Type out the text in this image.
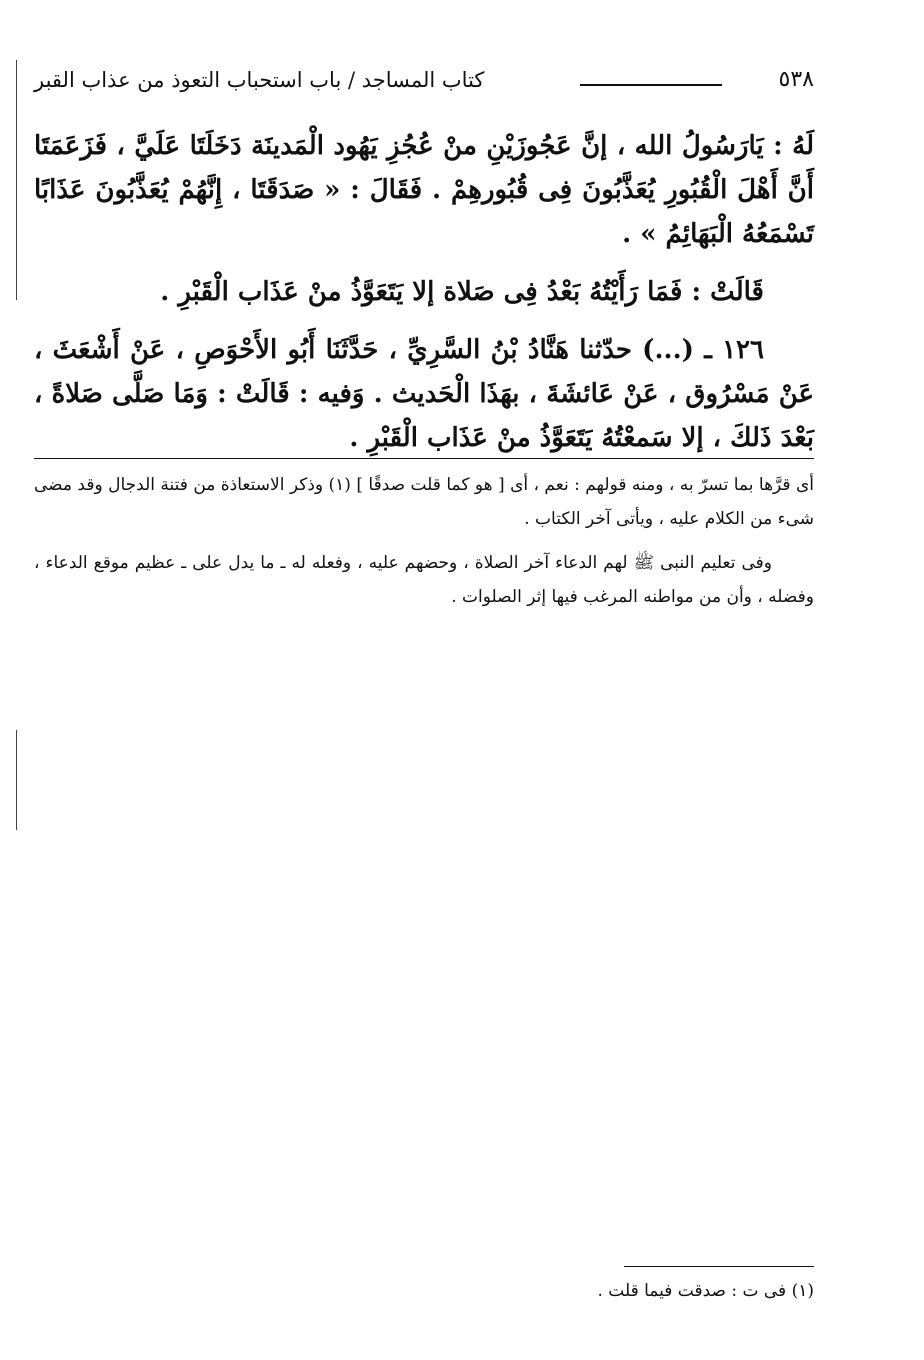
٥٣٨
كتاب المساجد / باب استحباب التعوذ من عذاب القبر

لَهُ : يَارَسُولُ الله ، إنَّ عَجُوزَيْنِ منْ عُجُزِ يَهُود الْمَدينَة دَخَلَتَا عَلَيَّ ، فَزَعَمَتَا أَنَّ أَهْلَ الْقُبُورِ يُعَذَّبُونَ فِى قُبُورهِمْ . فَقَالَ : « صَدَقَتَا ، إِنَّهُمْ يُعَذَّبُونَ عَذَابًا تَسْمَعُهُ الْبَهَائِمُ » .

قَالَتْ : فَمَا رَأَيْتُهُ بَعْدُ فِى صَلاة إلا يَتَعَوَّذُ منْ عَذَاب الْقَبْرِ .

١٢٦ ـ (...) حدّثنا هَنَّادُ بْنُ السَّرِيِّ ، حَدَّثَنَا أَبُو الأَحْوَصِ ، عَنْ أَشْعَثَ ، عَنْ مَسْرُوق ، عَنْ عَائشَةَ ، بهَذَا الْحَديث . وَفيه : قَالَتْ : وَمَا صَلَّى صَلاةً ، بَعْدَ ذَلكَ ، إلا سَمعْتُهُ يَتَعَوَّذُ منْ عَذَاب الْقَبْرِ .

أى قرَّها بما تسرّ به ، ومنه قولهم : نعم ، أى [ هو كما قلت صدقًا ] (١) وذكر الاستعاذة من فتنة الدجال وقد مضى شىء من الكلام عليه ، ويأتى آخر الكتاب .

وفى تعليم النبى ﷺ لهم الدعاء آخر الصلاة ، وحضهم عليه ، وفعله له ـ ما يدل على ـ عظيم موقع الدعاء ، وفضله ، وأن من مواطنه المرغب فيها إثر الصلوات .

(١) فى ت : صدقت فيما قلت .
